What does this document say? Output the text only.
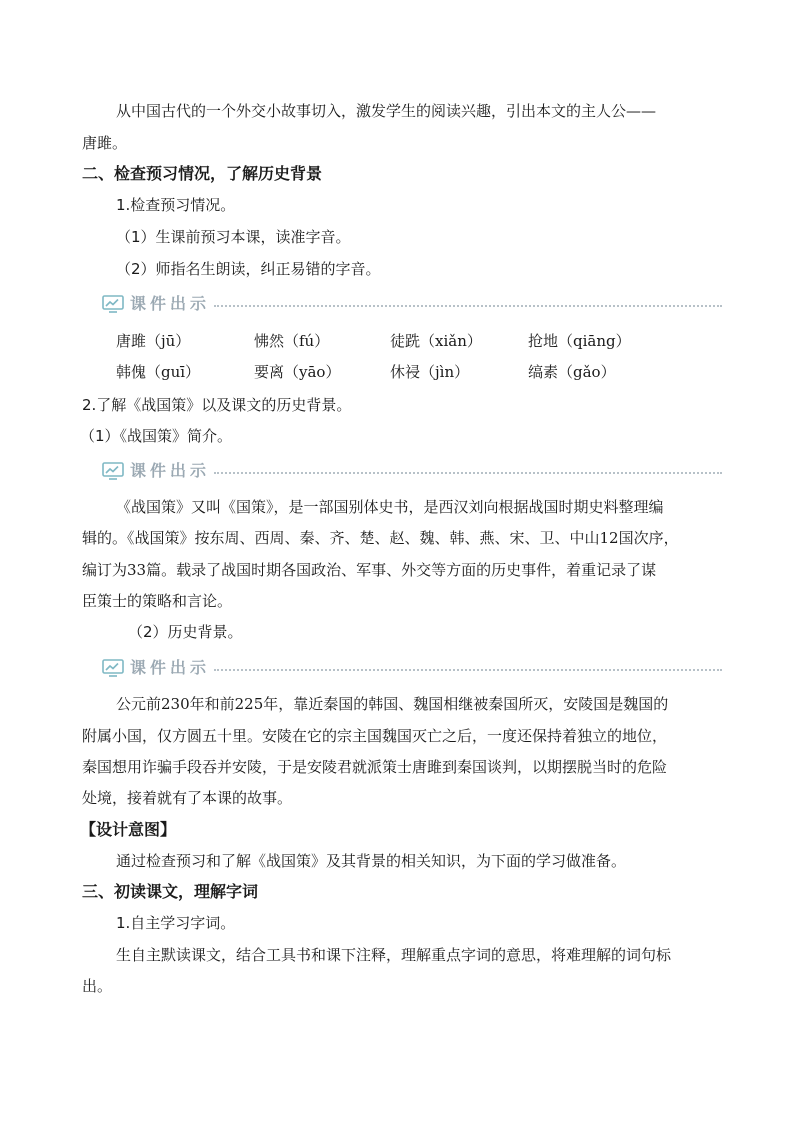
从中国古代的一个外交小故事切入，激发学生的阅读兴趣，引出本文的主人公——
唐雎。
二、检查预习情况，了解历史背景
1.检查预习情况。
（1）生课前预习本课，读准字音。
（2）师指名生朗读，纠正易错的字音。
课件出示
唐雎（jū）	怫然（fú）	徒跣（xiǎn）	抢地（qiāng）
韩傀（guī）	要离（yāo）	休祲（jìn）	缟素（gǎo）
2.了解《战国策》以及课文的历史背景。
（1）《战国策》简介。
课件出示
《战国策》又叫《国策》，是一部国别体史书，是西汉刘向根据战国时期史料整理编
辑的。《战国策》按东周、西周、秦、齐、楚、赵、魏、韩、燕、宋、卫、中山12国次序，
编订为33篇。载录了战国时期各国政治、军事、外交等方面的历史事件，着重记录了谋
臣策士的策略和言论。
（2）历史背景。
课件出示
公元前230年和前225年，靠近秦国的韩国、魏国相继被秦国所灭，安陵国是魏国的
附属小国，仅方圆五十里。安陵在它的宗主国魏国灭亡之后，一度还保持着独立的地位，
秦国想用诈骗手段吞并安陵，于是安陵君就派策士唐雎到秦国谈判，以期摆脱当时的危险
处境，接着就有了本课的故事。
【设计意图】
通过检查预习和了解《战国策》及其背景的相关知识，为下面的学习做准备。
三、初读课文，理解字词
1.自主学习字词。
生自主默读课文，结合工具书和课下注释，理解重点字词的意思，将难理解的词句标
出。
